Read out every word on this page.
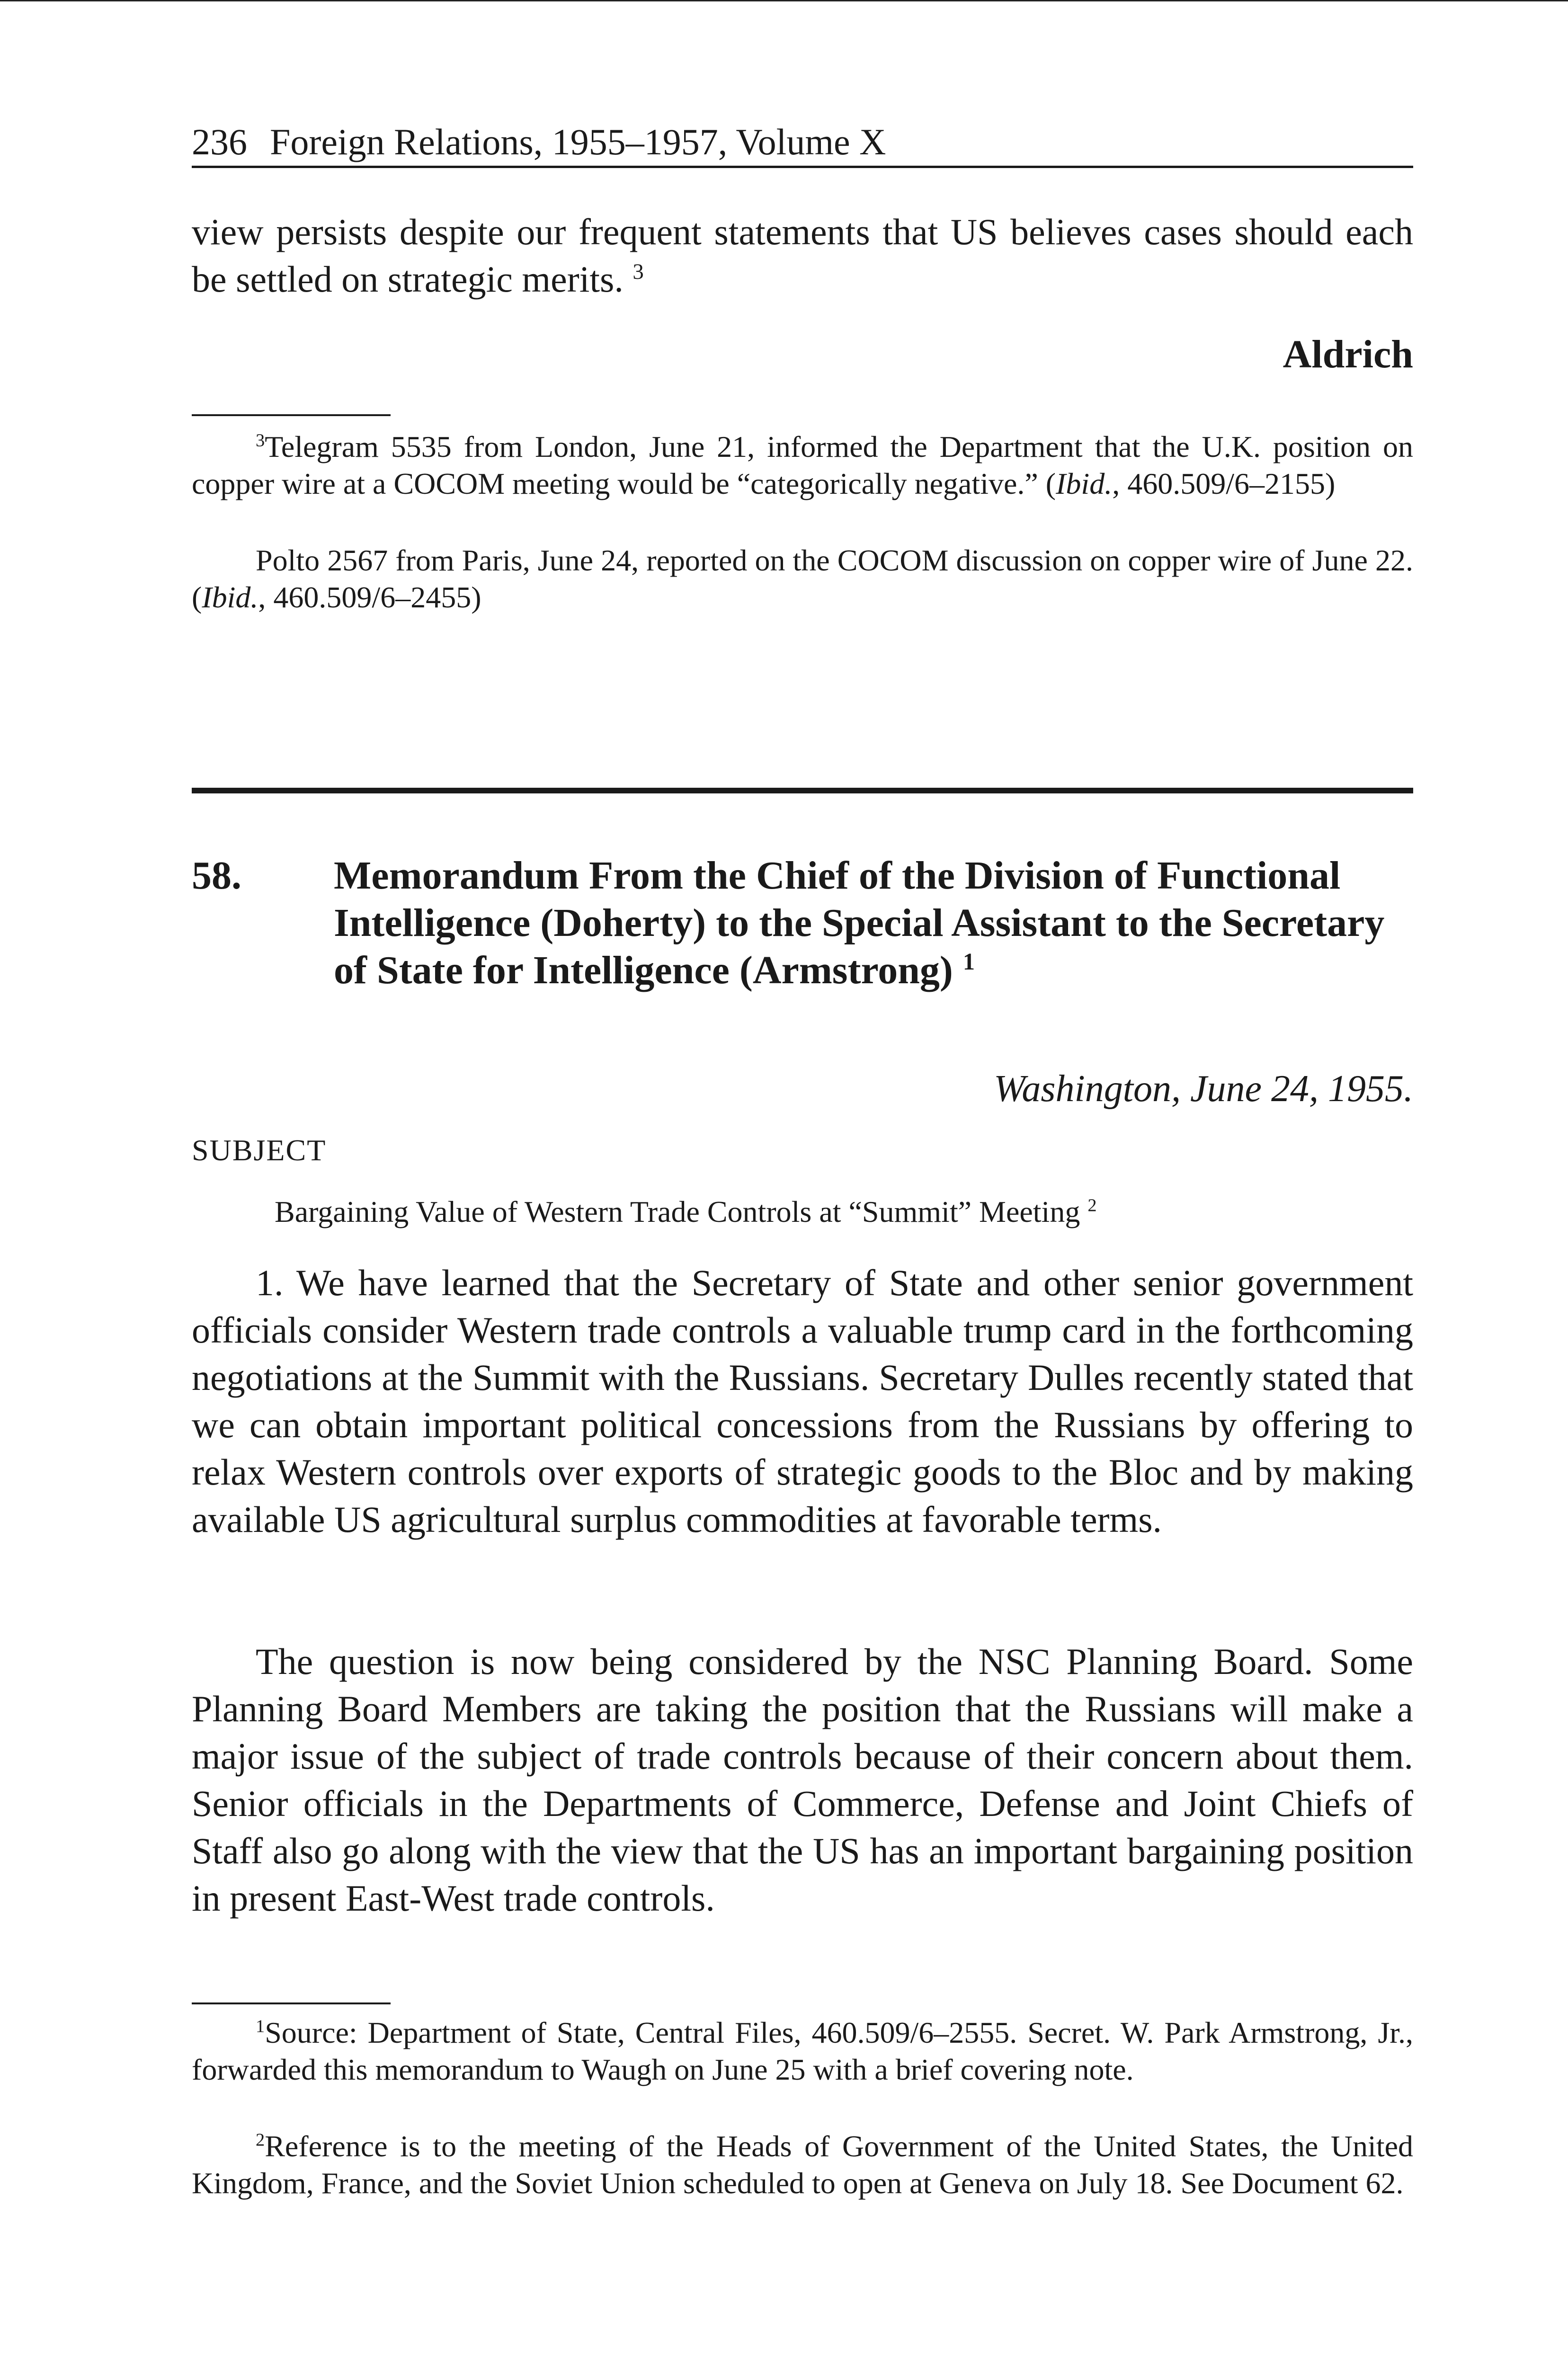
236 Foreign Relations, 1955–1957, Volume X
view persists despite our frequent statements that US believes cases should each be settled on strategic merits. $^3$
Aldrich
$^3$Telegram 5535 from London, June 21, informed the Department that the U.K. position on copper wire at a COCOM meeting would be “categorically negative.” (Ibid., 460.509/6–2155)
Polto 2567 from Paris, June 24, reported on the COCOM discussion on copper wire of June 22. (Ibid., 460.509/6–2455)
58. Memorandum From the Chief of the Division of Functional Intelligence (Doherty) to the Special Assistant to the Secretary of State for Intelligence (Armstrong) $^1$
Washington, June 24, 1955.
SUBJECT
Bargaining Value of Western Trade Controls at “Summit” Meeting $^2$
1. We have learned that the Secretary of State and other senior government officials consider Western trade controls a valuable trump card in the forthcoming negotiations at the Summit with the Russians. Secretary Dulles recently stated that we can obtain important political concessions from the Russians by offering to relax Western controls over exports of strategic goods to the Bloc and by making available US agricultural surplus commodities at favorable terms.
The question is now being considered by the NSC Planning Board. Some Planning Board Members are taking the position that the Russians will make a major issue of the subject of trade controls because of their concern about them. Senior officials in the Departments of Commerce, Defense and Joint Chiefs of Staff also go along with the view that the US has an important bargaining position in present East-West trade controls.
$^1$Source: Department of State, Central Files, 460.509/6–2555. Secret. W. Park Armstrong, Jr., forwarded this memorandum to Waugh on June 25 with a brief covering note.
$^2$Reference is to the meeting of the Heads of Government of the United States, the United Kingdom, France, and the Soviet Union scheduled to open at Geneva on July 18. See Document 62.
